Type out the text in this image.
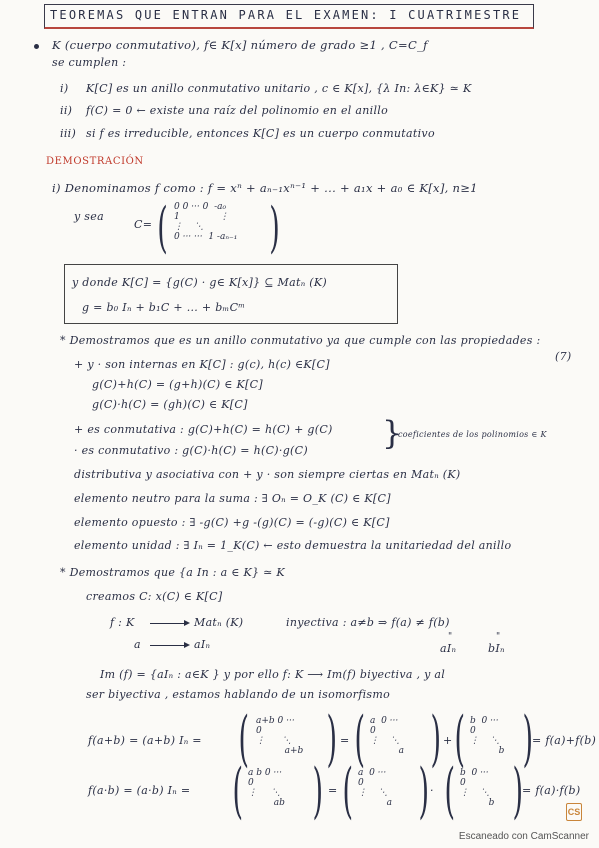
TEOREMAS QUE ENTRAN PARA EL EXAMEN: I CUATRIMESTRE
K (cuerpo conmutativo), f∈ K[x] número de grado ≥1 , C=C_f
se cumplen :
i) K[C] es un anillo conmutativo unitario , c ∈ K[x], {λ In: λ∈K} ≃ K
ii) f(C) = 0 ← existe una raíz del polinomio en el anillo
iii) si f es irreducible, entonces K[C] es un cuerpo conmutativo
DEMOSTRACIÓN
i) Denominamos f como : f = xⁿ + aₙ₋₁xⁿ⁻¹ + ... + a₁x + a₀ ∈ K[x], n≥1
y sea
C= ( 0 0 ··· 0  -a₀
1              ⋮
⋮    ⋱
0 ··· ···  1 -aₙ₋₁ )
y donde K[C] = {g(C) · g∈ K[x]} ⊆ Matₙ (K)
g = b₀ Iₙ + b₁C + ... + bₘCᵐ
* Demostramos que es un anillo conmutativo ya que cumple con las propiedades :
(7)
+ y · son internas en K[C] : g(c), h(c) ∈K[C]
g(C)+h(C) = (g+h)(C) ∈ K[C]
g(C)·h(C) = (gh)(C) ∈ K[C]
+ es conmutativa : g(C)+h(C) = h(C) + g(C)
· es conmutativo : g(C)·h(C) = h(C)·g(C) }
coeficientes de los polinomios ∈ K
distributiva y asociativa con + y · son siempre ciertas en Matₙ (K)
elemento neutro para la suma : ∃ Oₙ = O_K (C) ∈ K[C]
elemento opuesto : ∃ -g(C) +g -(g)(C) = (-g)(C) ∈ K[C]
elemento unidad : ∃ Iₙ = 1_K(C) ← esto demuestra la unitariedad del anillo
* Demostramos que {a In : a ∈ K} ≃ K
creamos C: x(C) ∈ K[C]
f : K	Matₙ (K)	inyectiva : a≠b ⇒ f(a) ≠ f(b)
a	aIₙ
"	"
aIₙ	bIₙ
Im (f) = {aIₙ : a∈K } y por ello f: K ⟶ Im(f) biyectiva , y al
ser biyectiva , estamos hablando de un isomorfismo
f(a+b) = (a+b) Iₙ = ( a+b 0 ···
0
⋮      ⋱
a+b ) = ( a  0 ···
0
⋮    ⋱
a ) + ( b  0 ···
0
⋮    ⋱
b ) = f(a)+f(b)
f(a·b) = (a·b) Iₙ = ( a b 0 ···
0
⋮     ⋱
ab ) = ( a  0 ···
0
⋮    ⋱
a ) · ( b  0 ···
0
⋮    ⋱
b ) = f(a)·f(b)
CS
Escaneado con CamScanner
